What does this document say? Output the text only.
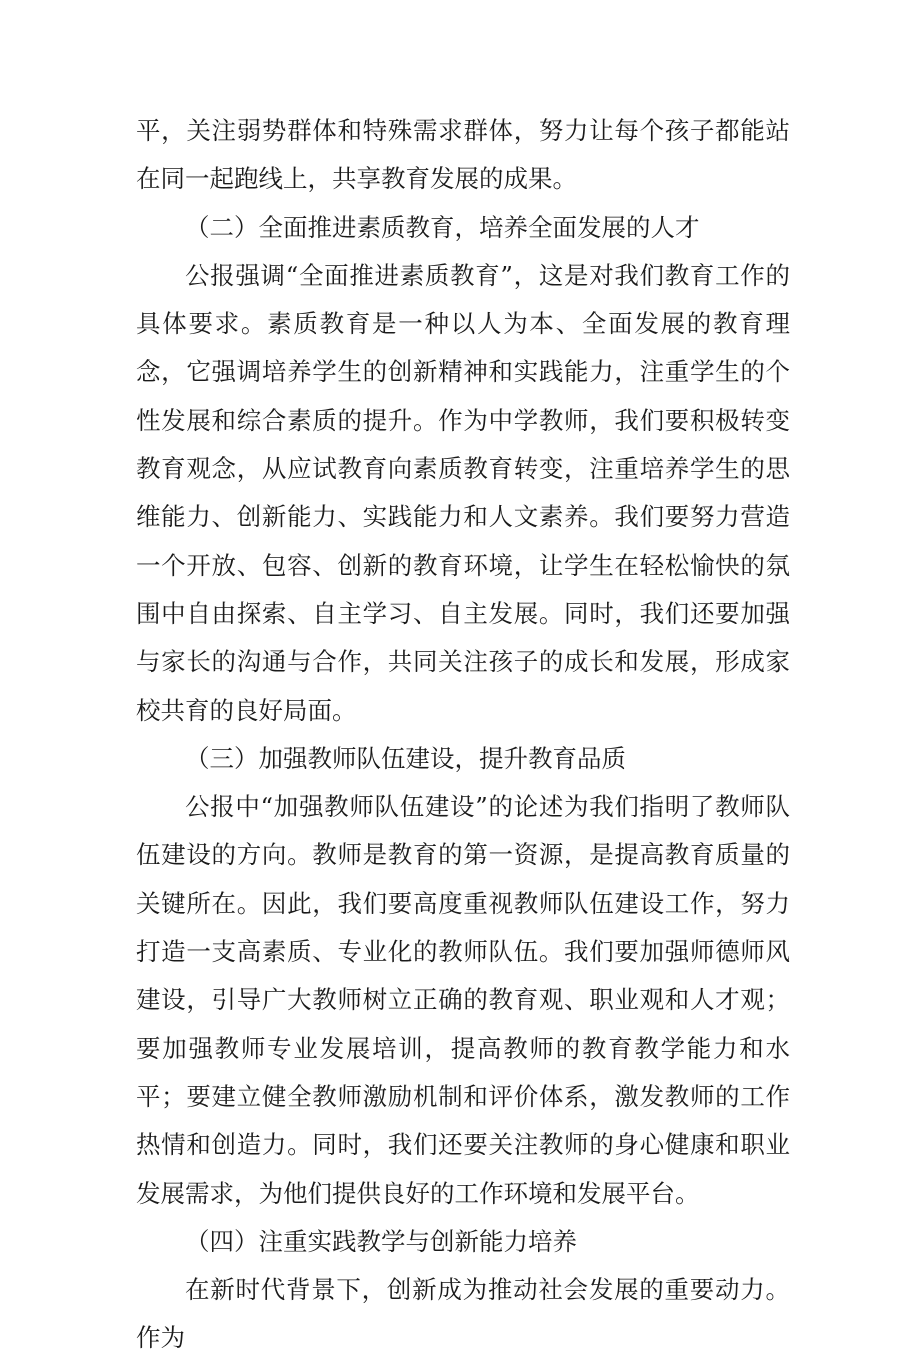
平，关注弱势群体和特殊需求群体，努力让每个孩子都能站在同一起跑线上，共享教育发展的成果。

（二）全面推进素质教育，培养全面发展的人才

公报强调“全面推进素质教育”，这是对我们教育工作的具体要求。素质教育是一种以人为本、全面发展的教育理念，它强调培养学生的创新精神和实践能力，注重学生的个性发展和综合素质的提升。作为中学教师，我们要积极转变教育观念，从应试教育向素质教育转变，注重培养学生的思维能力、创新能力、实践能力和人文素养。我们要努力营造一个开放、包容、创新的教育环境，让学生在轻松愉快的氛围中自由探索、自主学习、自主发展。同时，我们还要加强与家长的沟通与合作，共同关注孩子的成长和发展，形成家校共育的良好局面。

（三）加强教师队伍建设，提升教育品质

公报中“加强教师队伍建设”的论述为我们指明了教师队伍建设的方向。教师是教育的第一资源，是提高教育质量的关键所在。因此，我们要高度重视教师队伍建设工作，努力打造一支高素质、专业化的教师队伍。我们要加强师德师风建设，引导广大教师树立正确的教育观、职业观和人才观；要加强教师专业发展培训，提高教师的教育教学能力和水平；要建立健全教师激励机制和评价体系，激发教师的工作热情和创造力。同时，我们还要关注教师的身心健康和职业发展需求，为他们提供良好的工作环境和发展平台。

（四）注重实践教学与创新能力培养

在新时代背景下，创新成为推动社会发展的重要动力。作为
